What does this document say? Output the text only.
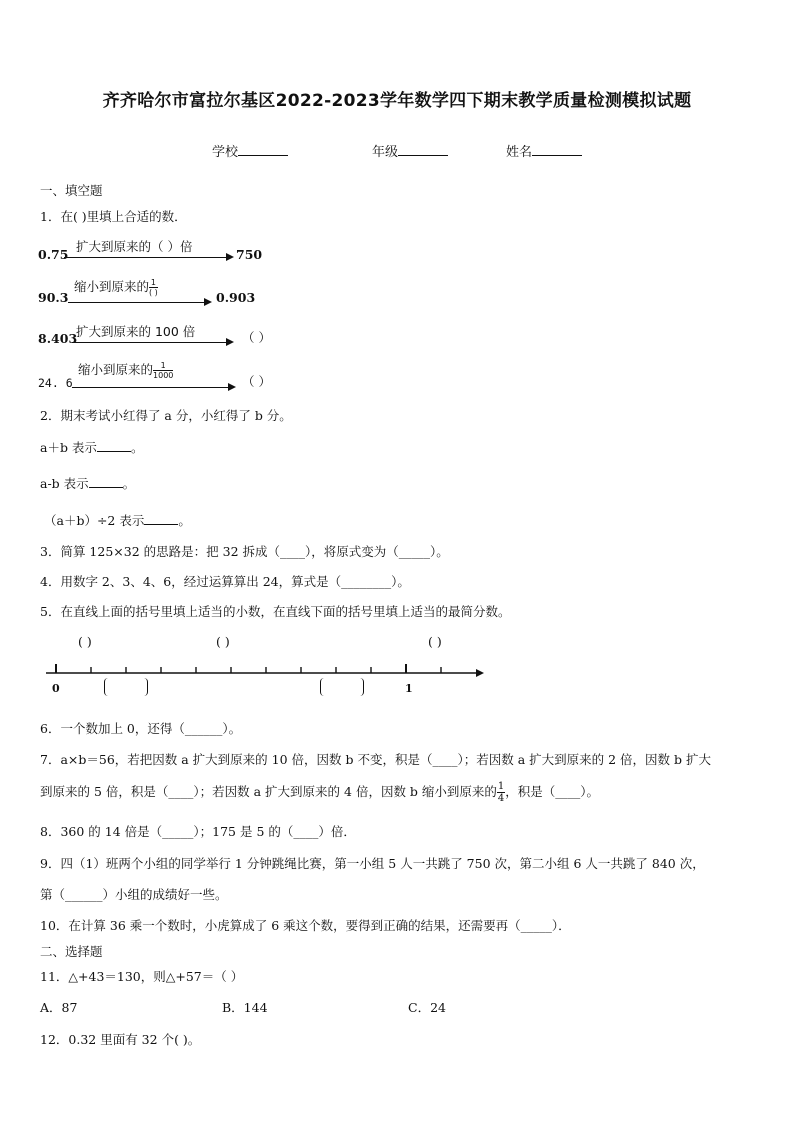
齐齐哈尔市富拉尔基区2022-2023学年数学四下期末教学质量检测模拟试题
学校	年级	姓名
一、填空题
1．在( )里填上合适的数．
0.75
扩大到原来的（ ）倍
750
90.3
缩小到原来的 $\frac{1}{( )}$
0.903
8.403
扩大到原来的 100 倍	（ ）
24. 6
缩小到原来的 $\frac{1}{1000}$
（ ）
2．期末考试小红得了 a 分，小红得了 b 分。
a＋b 表示	。
a-b 表示	。
（a＋b）÷2 表示	。
3．简算 125×32 的思路是：把 32 拆成（____），将原式变为（_____）。
4．用数字 2、3、4、6，经过运算算出 24，算式是（________）。
5．在直线上面的括号里填上适当的小数，在直线下面的括号里填上适当的最简分数。
( )	( )	( )
0	1
6．一个数加上 0，还得（______）。
7．a×b＝56，若把因数 a 扩大到原来的 10 倍，因数 b 不变，积是（____）；若因数 a 扩大到原来的 2 倍，因数 b 扩大
到原来的 5 倍，积是（____）；若因数 a 扩大到原来的 4 倍，因数 b 缩小到原来的 $\frac{1}{4}$ ，积是（____）。
8．360 的 14 倍是（_____）；175 是 5 的（____）倍．
9．四（1）班两个小组的同学举行 1 分钟跳绳比赛，第一小组 5 人一共跳了 750 次，第二小组 6 人一共跳了 840 次，
第（______）小组的成绩好一些。
10．在计算 36 乘一个数时，小虎算成了 6 乘这个数，要得到正确的结果，还需要再（_____）．
二、选择题
11．△+43＝130，则△+57＝（ ）
A．87	B．144	C．24
12．0.32 里面有 32 个( )。
